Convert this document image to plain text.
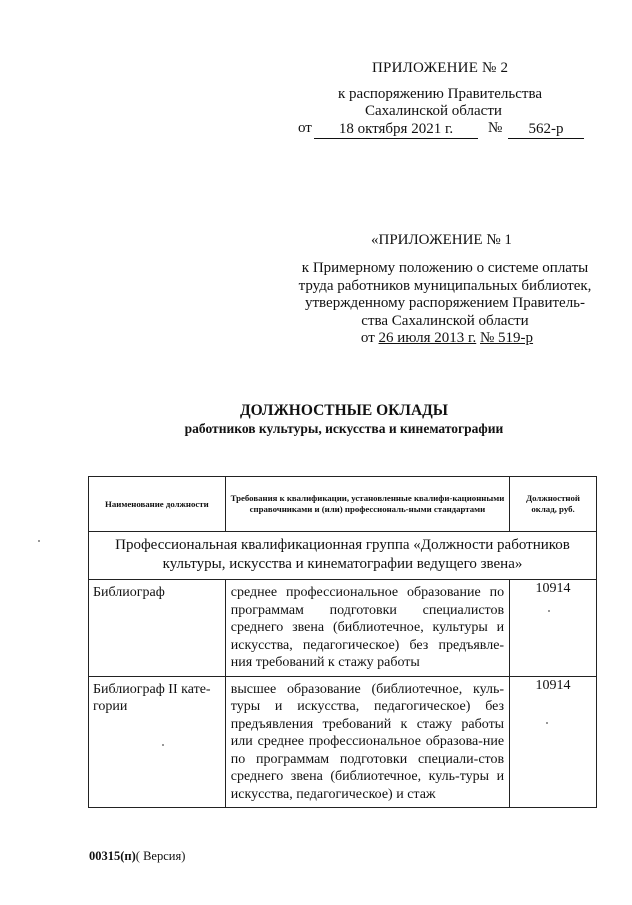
ПРИЛОЖЕНИЕ № 2
к распоряжению Правительства
Сахалинской области
от	18 октября 2021 г.	№	562-р
«ПРИЛОЖЕНИЕ № 1
к Примерному положению о системе оплаты
труда работников муниципальных библиотек,
утвержденному распоряжением Правитель-
ства Сахалинской области
от 26 июля 2013 г. № 519-р
ДОЛЖНОСТНЫЕ ОКЛАДЫ
работников культуры, искусства и кинематографии
Наименование должности	Требования к квалификации, установленные квалифи-кационными справочниками и (или) профессиональ-ными стандартами	Должностной оклад, руб.
Профессиональная квалификационная группа «Должности работников культуры, искусства и кинематографии ведущего звена»		
Библиограф	среднее профессиональное образование по программам подготовки специалистов среднего звена (библиотечное, культуры и искусства, педагогическое) без предъявле-ния требований к стажу работы	10914
Библиограф II кате-гории	высшее образование (библиотечное, куль-туры и искусства, педагогическое) без предъявления требований к стажу работы или среднее профессиональное образова-ние по программам подготовки специали-стов среднего звена (библиотечное, куль-туры и искусства, педагогическое) и стаж	10914
00315(п)( Версия)
